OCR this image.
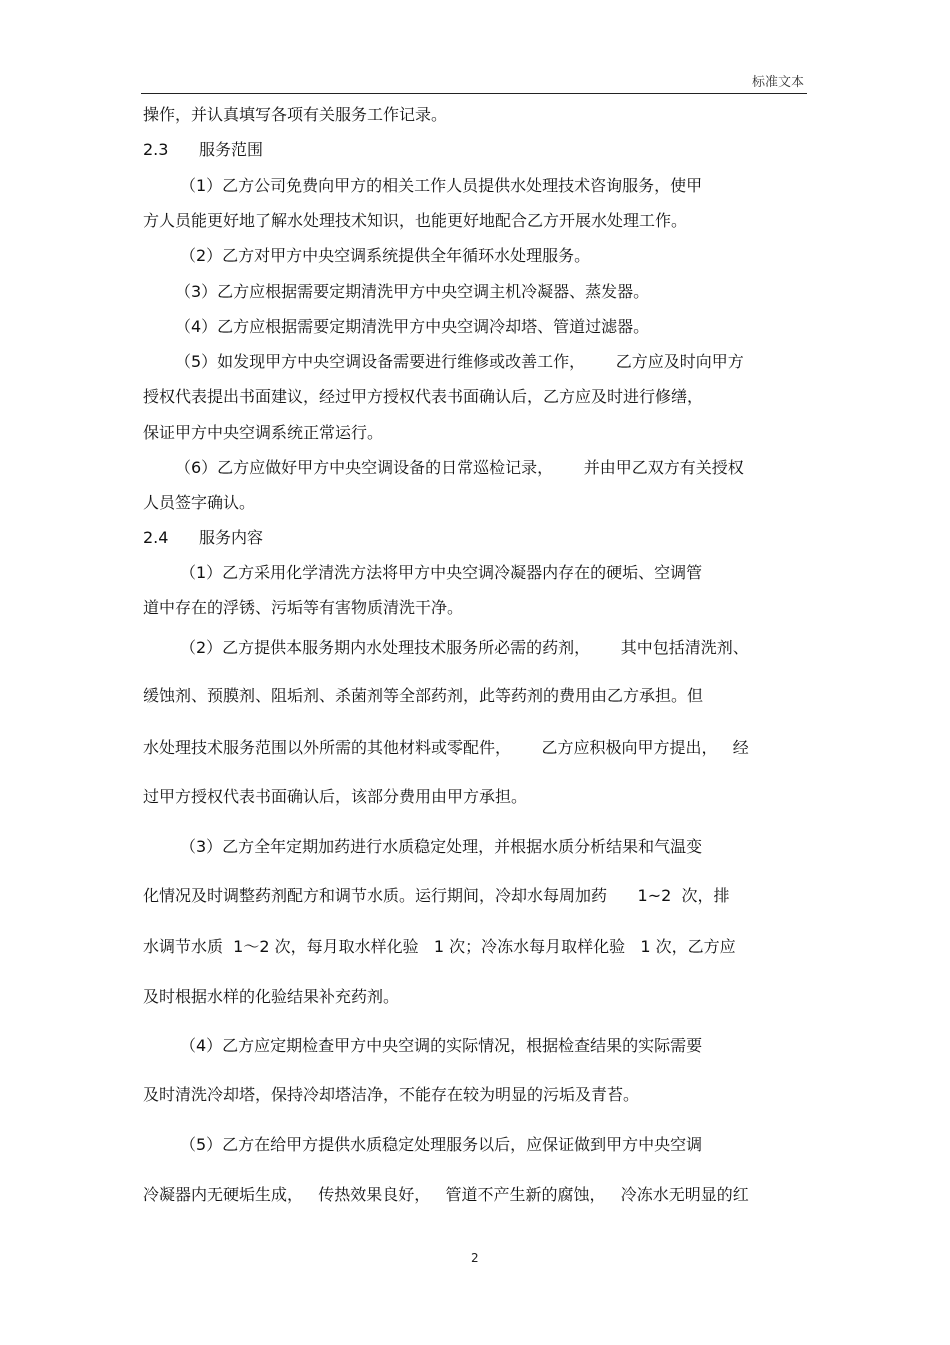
标准文本
操作，并认真填写各项有关服务工作记录。
2.3      服务范围
（1）乙方公司免费向甲方的相关工作人员提供水处理技术咨询服务，使甲
方人员能更好地了解水处理技术知识，也能更好地配合乙方开展水处理工作。
（2）乙方对甲方中央空调系统提供全年循环水处理服务。
（3）乙方应根据需要定期清洗甲方中央空调主机冷凝器、蒸发器。
（4）乙方应根据需要定期清洗甲方中央空调冷却塔、管道过滤器。
（5）如发现甲方中央空调设备需要进行维修或改善工作，      乙方应及时向甲方
授权代表提出书面建议，经过甲方授权代表书面确认后，乙方应及时进行修缮，
保证甲方中央空调系统正常运行。
（6）乙方应做好甲方中央空调设备的日常巡检记录，      并由甲乙双方有关授权
人员签字确认。
2.4      服务内容
（1）乙方采用化学清洗方法将甲方中央空调冷凝器内存在的硬垢、空调管
道中存在的浮锈、污垢等有害物质清洗干净。
（2）乙方提供本服务期内水处理技术服务所必需的药剂，      其中包括清洗剂、
缓蚀剂、预膜剂、阻垢剂、杀菌剂等全部药剂，此等药剂的费用由乙方承担。但
水处理技术服务范围以外所需的其他材料或零配件，      乙方应积极向甲方提出，   经
过甲方授权代表书面确认后，该部分费用由甲方承担。
（3）乙方全年定期加药进行水质稳定处理，并根据水质分析结果和气温变
化情况及时调整药剂配方和调节水质。运行期间，冷却水每周加药      1~2  次，排
水调节水质  1～2 次，每月取水样化验   1 次；冷冻水每月取样化验   1 次，乙方应
及时根据水样的化验结果补充药剂。
（4）乙方应定期检查甲方中央空调的实际情况，根据检查结果的实际需要
及时清洗冷却塔，保持冷却塔洁净，不能存在较为明显的污垢及青苔。
（5）乙方在给甲方提供水质稳定处理服务以后，应保证做到甲方中央空调
冷凝器内无硬垢生成，   传热效果良好，   管道不产生新的腐蚀，   冷冻水无明显的红
2
